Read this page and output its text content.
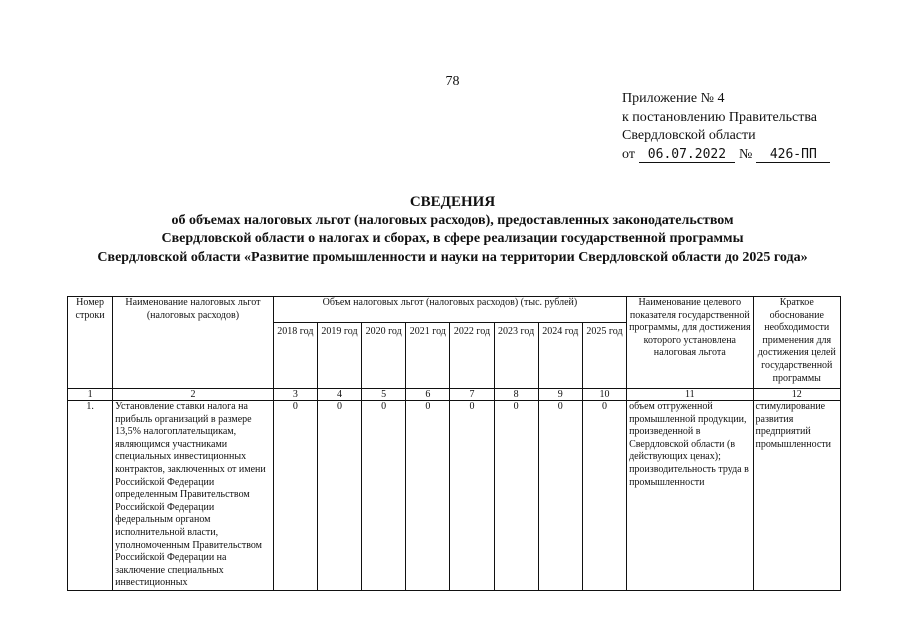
78
Приложение № 4
к постановлению Правительства
Свердловской области
от 06.07.2022 №	426-ПП
СВЕДЕНИЯ
об объемах налоговых льгот (налоговых расходов), предоставленных законодательством
Свердловской области о налогах и сборах, в сфере реализации государственной программы
Свердловской области «Развитие промышленности и науки на территории Свердловской области до 2025 года»
Номер строки	Наименование налоговых льгот (налоговых расходов)	Объем налоговых льгот (налоговых расходов) (тыс. рублей)								Наименование целевого показателя государственной программы, для достижения которого установлена налоговая льгота	Краткое обоснование необходимости применения для достижения целей государственной программы
		2018 год	2019 год	2020 год	2021 год	2022 год	2023 год	2024 год	2025 год		
1	2	3	4	5	6	7	8	9	10	11	12
1.	Установление ставки налога на прибыль организаций в размере 13,5% налогоплательщикам, являющимся участниками специальных инвестиционных контрактов, заключенных от имени Российской Федерации определенным Правительством Российской Федерации федеральным органом исполнительной власти, уполномоченным Правительством Российской Федерации на заключение специальных инвестиционных	0	0	0	0	0	0	0	0	объем отгруженной промышленной продукции, произведенной в Свердловской области (в действующих ценах); производительность труда в промышленности	стимулирование развития предприятий промышленности
